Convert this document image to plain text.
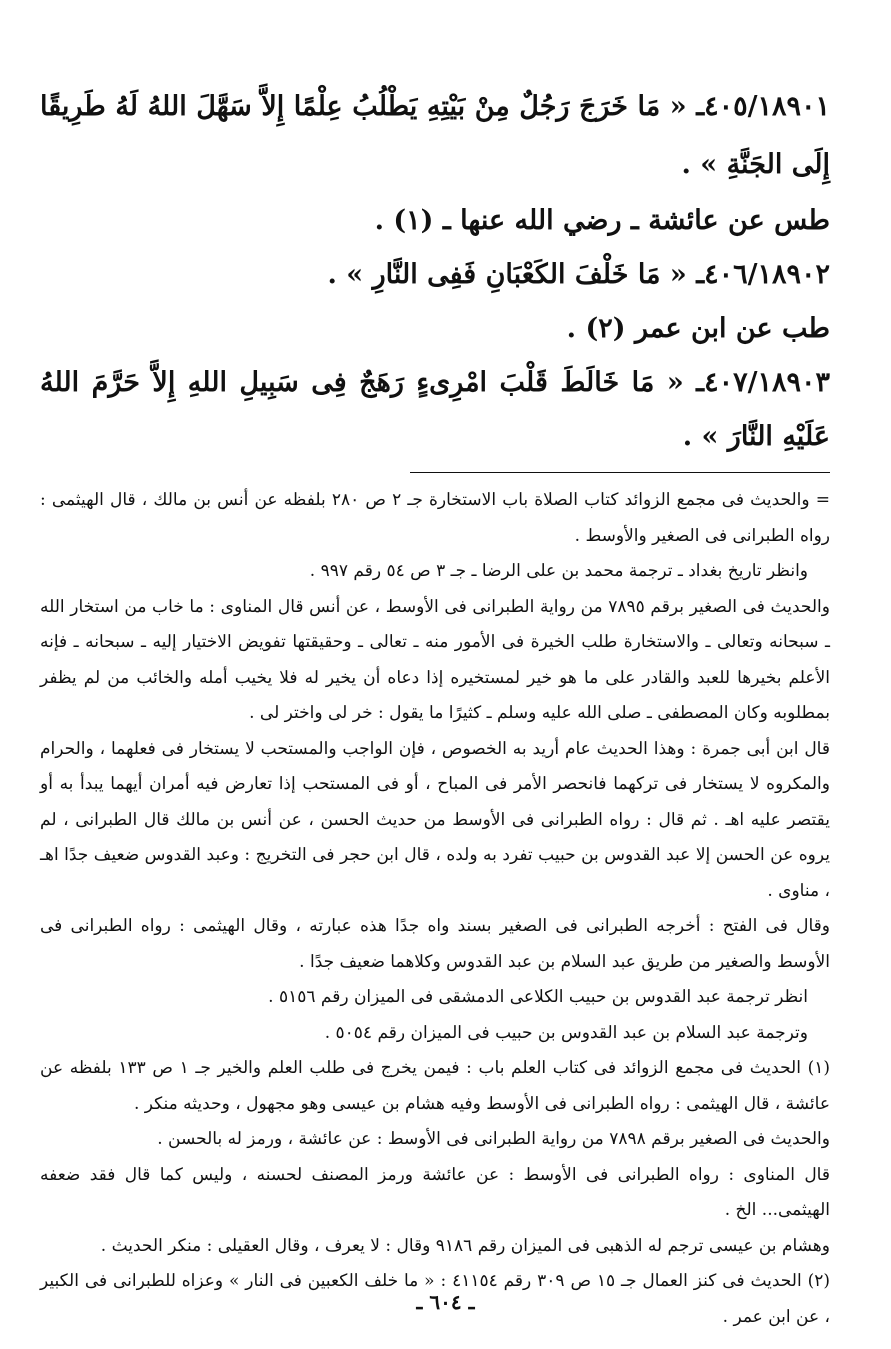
٤٠٥/١٨٩٠١ـ « مَا خَرَجَ رَجُلٌ مِنْ بَيْتِهِ يَطْلُبُ عِلْمًا إِلاَّ سَهَّلَ اللهُ لَهُ طَرِيقًا إِلَى الجَنَّةِ » .

طس عن عائشة ـ رضي الله عنها ـ (١) .

٤٠٦/١٨٩٠٢ـ « مَا خَلْفَ الكَعْبَانِ فَفِى النَّارِ » .

طب عن ابن عمر (٢) .

٤٠٧/١٨٩٠٣ـ « مَا خَالَطَ قَلْبَ امْرِىءٍ رَهَجٌ فِى سَبِيلِ اللهِ إِلاَّ حَرَّمَ اللهُ عَلَيْهِ النَّارَ » .

= والحديث فى مجمع الزوائد كتاب الصلاة باب الاستخارة جـ ٢ ص ٢٨٠ بلفظه عن أنس بن مالك ، قال الهيثمى : رواه الطبرانى فى الصغير والأوسط .

وانظر تاريخ بغداد ـ ترجمة محمد بن على الرضا ـ جـ ٣ ص ٥٤ رقم ٩٩٧ .

والحديث فى الصغير برقم ٧٨٩٥ من رواية الطبرانى فى الأوسط ، عن أنس قال المناوى : ما خاب من استخار الله ـ سبحانه وتعالى ـ والاستخارة طلب الخيرة فى الأمور منه ـ تعالى ـ وحقيقتها تفويض الاختيار إليه ـ سبحانه ـ فإنه الأعلم بخيرها للعبد والقادر على ما هو خير لمستخيره إذا دعاه أن يخير له فلا يخيب أمله والخائب من لم يظفر بمطلوبه وكان المصطفى ـ صلى الله عليه وسلم ـ كثيرًا ما يقول : خر لى واختر لى .

قال ابن أبى جمرة : وهذا الحديث عام أريد به الخصوص ، فإن الواجب والمستحب لا يستخار فى فعلهما ، والحرام والمكروه لا يستخار فى تركهما فانحصر الأمر فى المباح ، أو فى المستحب إذا تعارض فيه أمران أيهما يبدأ به أو يقتصر عليه اهـ . ثم قال : رواه الطبرانى فى الأوسط من حديث الحسن ، عن أنس بن مالك قال الطبرانى ، لم يروه عن الحسن إلا عبد القدوس بن حبيب تفرد به ولده ، قال ابن حجر فى التخريج : وعبد القدوس ضعيف جدًا اهـ ، مناوى .

وقال فى الفتح : أخرجه الطبرانى فى الصغير بسند واه جدًا هذه عبارته ، وقال الهيثمى : رواه الطبرانى فى الأوسط والصغير من طريق عبد السلام بن عبد القدوس وكلاهما ضعيف جدًا .

انظر ترجمة عبد القدوس بن حبيب الكلاعى الدمشقى فى الميزان رقم ٥١٥٦ .

وترجمة عبد السلام بن عبد القدوس بن حبيب فى الميزان رقم ٥٠٥٤ .

(١) الحديث فى مجمع الزوائد فى كتاب العلم باب : فيمن يخرج فى طلب العلم والخير جـ ١ ص ١٣٣ بلفظه عن عائشة ، قال الهيثمى : رواه الطبرانى فى الأوسط وفيه هشام بن عيسى وهو مجهول ، وحديثه منكر .

والحديث فى الصغير برقم ٧٨٩٨ من رواية الطبرانى فى الأوسط : عن عائشة ، ورمز له بالحسن .

قال المناوى : رواه الطبرانى فى الأوسط : عن عائشة ورمز المصنف لحسنه ، وليس كما قال فقد ضعفه الهيثمى... الخ .

وهشام بن عيسى ترجم له الذهبى فى الميزان رقم ٩١٨٦ وقال : لا يعرف ، وقال العقيلى : منكر الحديث .

(٢) الحديث فى كنز العمال جـ ١٥ ص ٣٠٩ رقم ٤١١٥٤ : « ما خلف الكعبين فى النار » وعزاه للطبرانى فى الكبير ، عن ابن عمر .

ـ ٦٠٤ ـ
